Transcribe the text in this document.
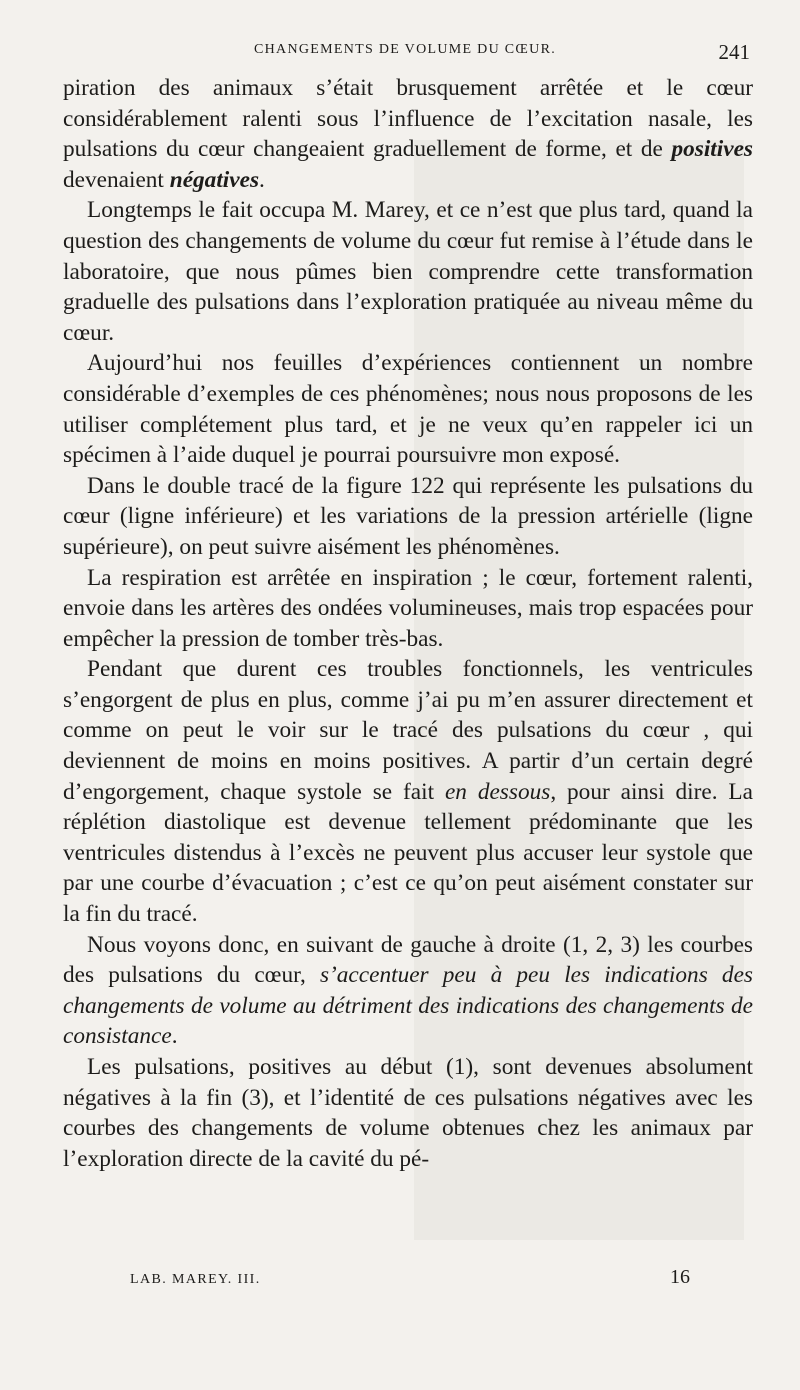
CHANGEMENTS DE VOLUME DU CŒUR.	241

piration des animaux s’était brusquement arrêtée et le cœur considérablement ralenti sous l’influence de l’excitation nasale, les pulsations du cœur changeaient graduellement de forme, et de positives devenaient négatives.

Longtemps le fait occupa M. Marey, et ce n’est que plus tard, quand la question des changements de volume du cœur fut remise à l’étude dans le laboratoire, que nous pûmes bien comprendre cette transformation graduelle des pulsations dans l’exploration pratiquée au niveau même du cœur.

Aujourd’hui nos feuilles d’expériences contiennent un nombre considérable d’exemples de ces phénomènes; nous nous proposons de les utiliser complétement plus tard, et je ne veux qu’en rappeler ici un spécimen à l’aide duquel je pourrai poursuivre mon exposé.

Dans le double tracé de la figure 122 qui représente les pulsations du cœur (ligne inférieure) et les variations de la pression artérielle (ligne supérieure), on peut suivre aisément les phénomènes.

La respiration est arrêtée en inspiration ; le cœur, fortement ralenti, envoie dans les artères des ondées volumineuses, mais trop espacées pour empêcher la pression de tomber très-bas.

Pendant que durent ces troubles fonctionnels, les ventricules s’engorgent de plus en plus, comme j’ai pu m’en assurer directement et comme on peut le voir sur le tracé des pulsations du cœur , qui deviennent de moins en moins positives. A partir d’un certain degré d’engorgement, chaque systole se fait en dessous, pour ainsi dire. La réplétion diastolique est devenue tellement prédominante que les ventricules distendus à l’excès ne peuvent plus accuser leur systole que par une courbe d’évacuation ; c’est ce qu’on peut aisément constater sur la fin du tracé.

Nous voyons donc, en suivant de gauche à droite (1, 2, 3) les courbes des pulsations du cœur, s’accentuer peu à peu les indications des changements de volume au détriment des indications des changements de consistance.

Les pulsations, positives au début (1), sont devenues absolument négatives à la fin (3), et l’identité de ces pulsations négatives avec les courbes des changements de volume obtenues chez les animaux par l’exploration directe de la cavité du pé-

LAB. MAREY. III.	16
